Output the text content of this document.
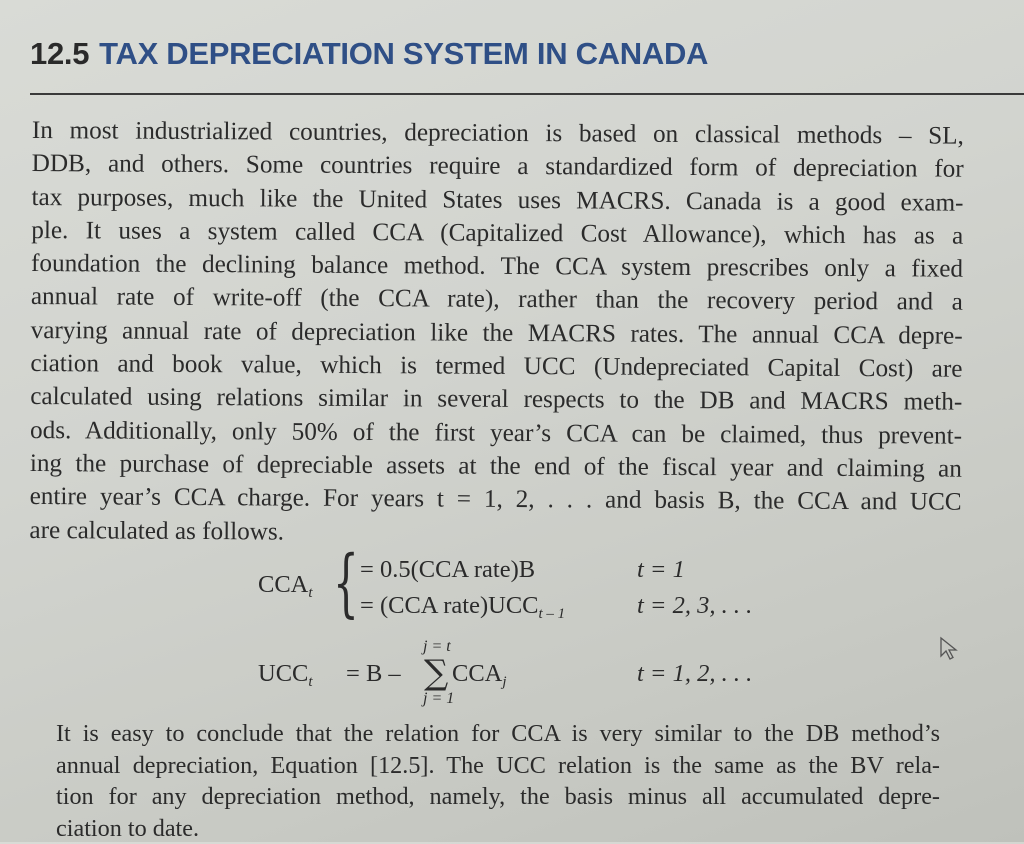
12.5 TAX DEPRECIATION SYSTEM IN CANADA
In most industrialized countries, depreciation is based on classical methods – SL,
DDB, and others. Some countries require a standardized form of depreciation for
tax purposes, much like the United States uses MACRS. Canada is a good exam-
ple. It uses a system called CCA (Capitalized Cost Allowance), which has as a
foundation the declining balance method. The CCA system prescribes only a fixed
annual rate of write-off (the CCA rate), rather than the recovery period and a
varying annual rate of depreciation like the MACRS rates. The annual CCA depre-
ciation and book value, which is termed UCC (Undepreciated Capital Cost) are
calculated using relations similar in several respects to the DB and MACRS meth-
ods. Additionally, only 50% of the first year’s CCA can be claimed, thus prevent-
ing the purchase of depreciable assets at the end of the fiscal year and claiming an
entire year’s CCA charge. For years t = 1, 2, . . . and basis B, the CCA and UCC
are calculated as follows.
$CCA_t$ { = 0.5(CCA rate)B
= (CCA $rate)UCC_{t - 1}$
t = 1
t = 2, 3, . . .
$UCC_t = B$ –
j = t
∑
j = 1
$CCA_j$	t = 1, 2, . . .
It is easy to conclude that the relation for CCA is very similar to the DB method’s
annual depreciation, Equation [12.5]. The UCC relation is the same as the BV rela-
tion for any depreciation method, namely, the basis minus all accumulated depre-
ciation to date.
